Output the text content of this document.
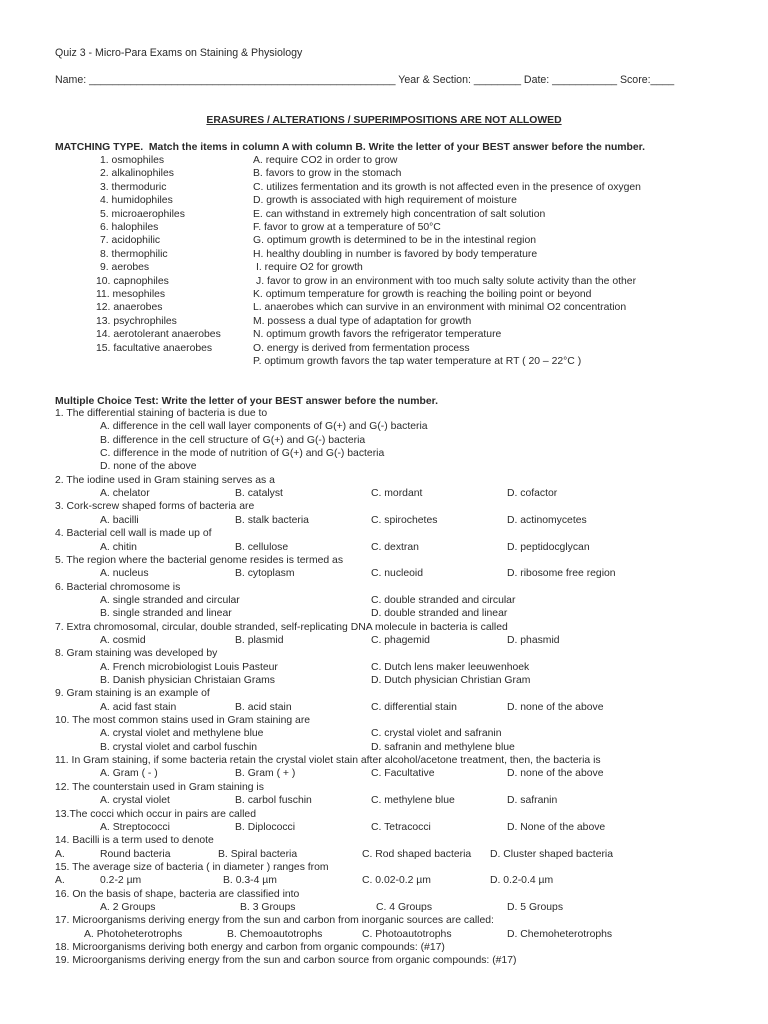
Quiz 3 - Micro-Para Exams on Staining & Physiology
Name: ____________________________________________________ Year & Section: ________ Date: ___________ Score:____
ERASURES / ALTERATIONS / SUPERIMPOSITIONS ARE NOT ALLOWED
MATCHING TYPE.  Match the items in column A with column B. Write the letter of your BEST answer before the number.
1. osmophiles	A. require CO2 in order to grow
2. alkalinophiles	B. favors to grow in the stomach
3. thermoduric	C. utilizes fermentation and its growth is not affected even in the presence of oxygen
4. humidophiles	D. growth is associated with high requirement of moisture
5. microaerophiles	E. can withstand in extremely high concentration of salt solution
6. halophiles	F. favor to grow at a temperature of 50°C
7. acidophilic	G. optimum growth is determined to be in the intestinal region
8. thermophilic	H. healthy doubling in number is favored by body temperature
9. aerobes	I. require O2 for growth
10. capnophiles	J. favor to grow in an environment with too much salty solute activity than the other
11. mesophiles	K. optimum temperature for growth is reaching the boiling point or beyond
12. anaerobes	L. anaerobes which can survive in an environment with minimal O2 concentration
13. psychrophiles	M. possess a dual type of adaptation for growth
14. aerotolerant anaerobes	N. optimum growth favors the refrigerator temperature
15. facultative anaerobes	O. energy is derived from fermentation process
P. optimum growth favors the tap water temperature at RT ( 20 – 22°C )
Multiple Choice Test: Write the letter of your BEST answer before the number.
1. The differential staining of bacteria is due to
A. difference in the cell wall layer components of G(+) and G(-) bacteria
B. difference in the cell structure of G(+) and G(-) bacteria
C. difference in the mode of nutrition of G(+) and G(-) bacteria
D. none of the above
2. The iodine used in Gram staining serves as a
A. chelator	B. catalyst	C. mordant	D. cofactor
3. Cork-screw shaped forms of bacteria are
A. bacilli	B. stalk bacteria	C. spirochetes	D. actinomycetes
4. Bacterial cell wall is made up of
A. chitin	B. cellulose	C. dextran	D. peptidocglycan
5. The region where the bacterial genome resides is termed as
A. nucleus	B. cytoplasm	C. nucleoid	D. ribosome free region
6. Bacterial chromosome is
A. single stranded and circular	C. double stranded and circular
B. single stranded and linear	D. double stranded and linear
7. Extra chromosomal, circular, double stranded, self-replicating DNA molecule in bacteria is called
A. cosmid	B. plasmid	C. phagemid	D. phasmid
8. Gram staining was developed by
A. French microbiologist Louis Pasteur	C. Dutch lens maker leeuwenhoek
B. Danish physician Christaian Grams	D. Dutch physician Christian Gram
9. Gram staining is an example of
A. acid fast stain	B. acid stain	C. differential stain	D. none of the above
10. The most common stains used in Gram staining are
A. crystal violet and methylene blue	C. crystal violet and safranin
B. crystal violet and carbol fuschin	D. safranin and methylene blue
11. In Gram staining, if some bacteria retain the crystal violet stain after alcohol/acetone treatment, then, the bacteria is
A. Gram ( - )	B. Gram ( + )	C. Facultative	D. none of the above
12. The counterstain used in Gram staining is
A. crystal violet	B. carbol fuschin	C. methylene blue	D. safranin
13.The cocci which occur in pairs are called
A. Streptococci	B. Diplococci	C. Tetracocci	D. None of the above
14. Bacilli is a term used to denote
A.	Round bacteria	B. Spiral bacteria	C. Rod shaped bacteria D. Cluster shaped bacteria
15. The average size of bacteria ( in diameter ) ranges from
A.	0.2-2 µm	B. 0.3-4 µm	C. 0.02-0.2 µm	D. 0.2-0.4 µm
16. On the basis of shape, bacteria are classified into
A. 2 Groups	B. 3 Groups	C. 4 Groups	D. 5 Groups
17. Microorganisms deriving energy from the sun and carbon from inorganic sources are called:
A. Photoheterotrophs	B. Chemoautotrophs	C. Photoautotrophs	D. Chemoheterotrophs
18. Microorganisms deriving both energy and carbon from organic compounds: (#17)
19. Microorganisms deriving energy from the sun and carbon source from organic compounds: (#17)
